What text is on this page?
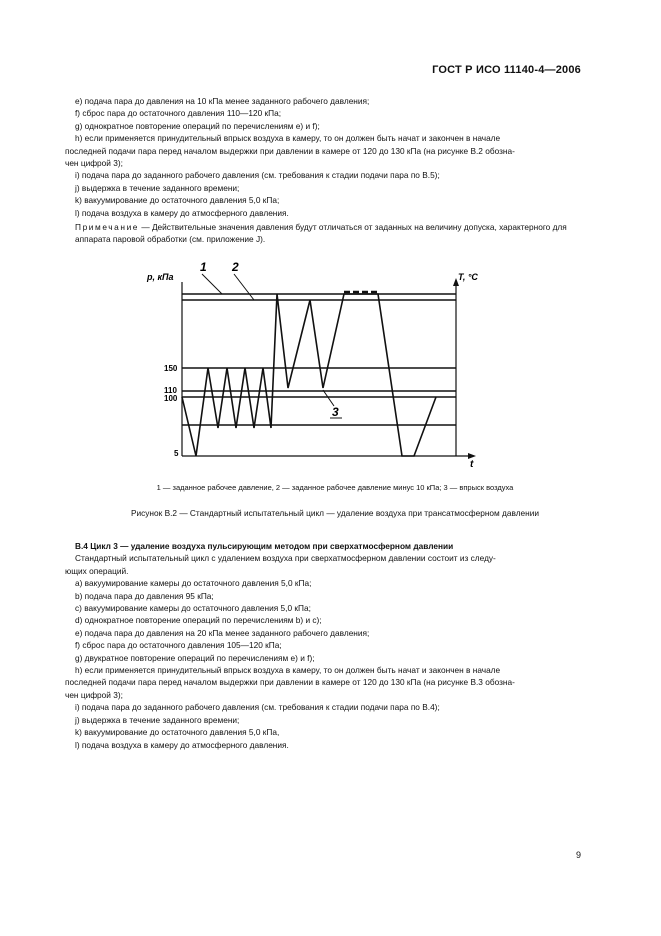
ГОСТ Р ИСО 11140-4—2006
e) подача пара до давления на 10 кПа менее заданного рабочего давления;
f) сброс пара до остаточного давления 110—120 кПа;
g) однократное повторение операций по перечислениям е) и f);
h) если применяется принудительный впрыск воздуха в камеру, то он должен быть начат и закончен в начале
последней подачи пара перед началом выдержки при давлении в камере от 120 до 130 кПа (на рисунке В.2 обозна-
чен цифрой 3);
i) подача пара до заданного рабочего давления (см. требования к стадии подачи пара по В.5);
j) выдержка в течение заданного времени;
k) вакуумирование до остаточного давления 5,0 кПа;
l) подача воздуха в камеру до атмосферного давления.
Примечание — Действительные значения давления будут отличаться от заданных на величину допуска, характерного для аппарата паровой обработки (см. приложение J).
p, кПа	T, °C
t
1 2
150
110
100
5
3
1 — заданное рабочее давление, 2 — заданное рабочее давление минус 10 кПа; 3 — впрыск воздуха
Рисунок В.2 — Стандартный испытательный цикл — удаление воздуха при трансатмосферном давлении
В.4 Цикл 3 — удаление воздуха пульсирующим методом при сверхатмосферном давлении
Стандартный испытательный цикл с удалением воздуха при сверхатмосферном давлении состоит из следу-
ющих операций.
a) вакуумирование камеры до остаточного давления 5,0 кПа;
b) подача пара до давления 95 кПа;
c) вакуумирование камеры до остаточного давления 5,0 кПа;
d) однократное повторение операций по перечислениям b) и с);
e) подача пара до давления на 20 кПа менее заданного рабочего давления;
f) сброс пара до остаточного давления 105—120 кПа;
g) двукратное повторение операций по перечислениям е) и f);
h) если применяется принудительный впрыск воздуха в камеру, то он должен быть начат и закончен в начале
последней подачи пара перед началом выдержки при давлении в камере от 120 до 130 кПа (на рисунке В.3 обозна-
чен цифрой 3);
i) подача пара до заданного рабочего давления (см. требования к стадии подачи пара по В.4);
j) выдержка в течение заданного времени;
k) вакуумирование до остаточного давления 5,0 кПа,
l) подача воздуха в камеру до атмосферного давления.
9
